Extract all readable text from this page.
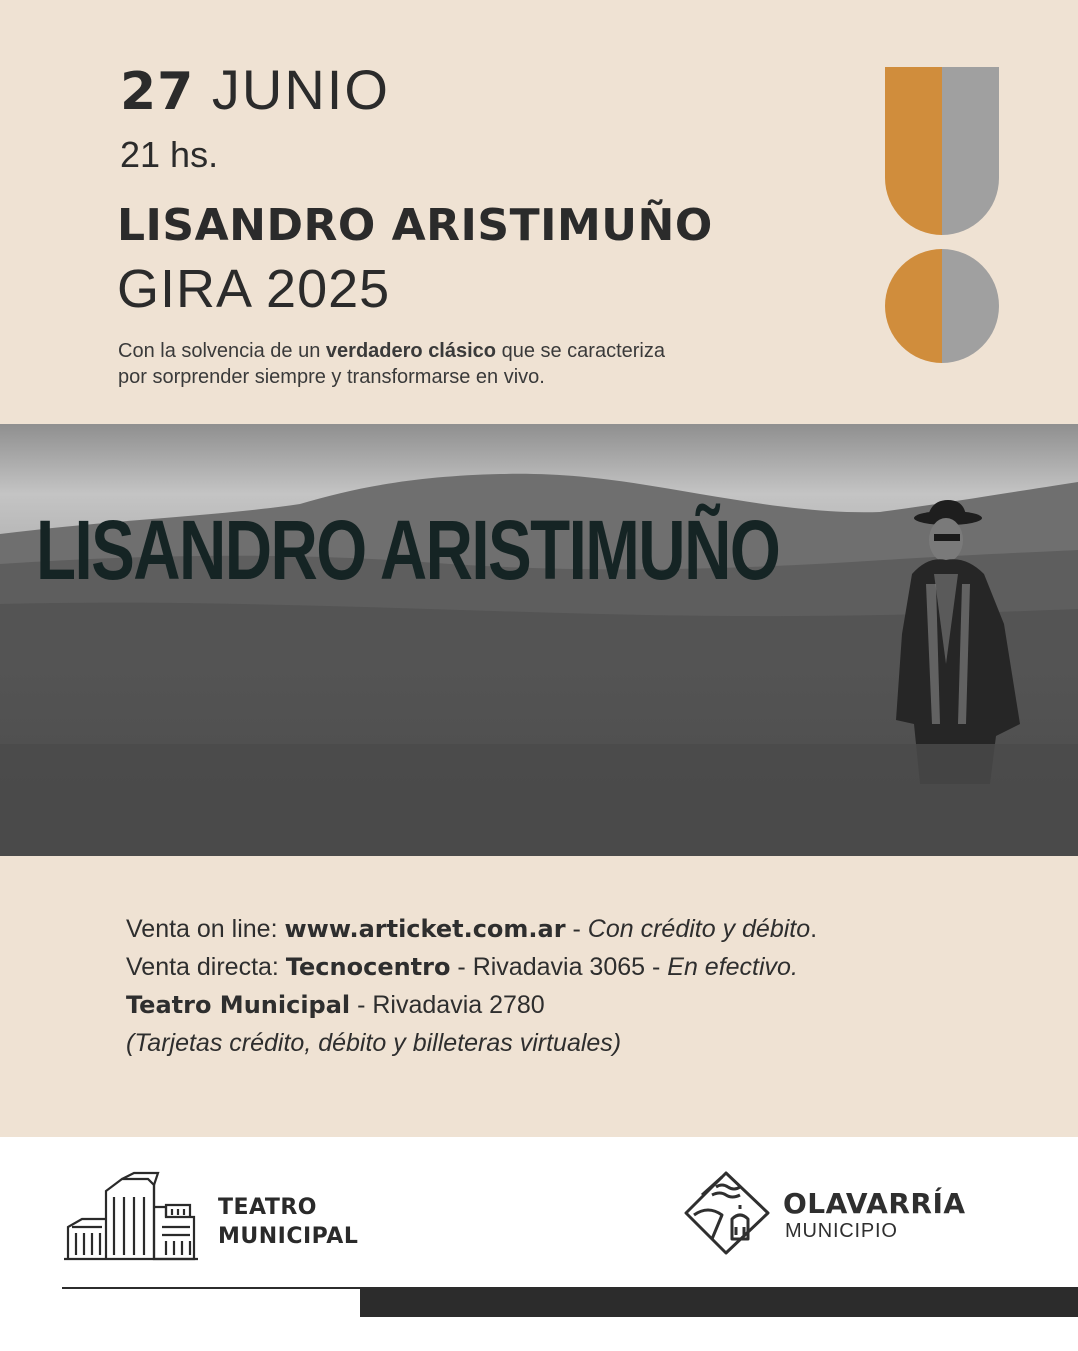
27 JUNIO
21 hs.
LISANDRO ARISTIMUÑO
GIRA 2025
Con la solvencia de un verdadero clásico que se caracteriza
por sorprender siempre y transformarse en vivo.
LISANDRO ARISTIMUÑO
Venta on line: www.articket.com.ar - Con crédito y débito.
Venta directa: Tecnocentro - Rivadavia 3065 - En efectivo.
Teatro Municipal - Rivadavia 2780
(Tarjetas crédito, débito y billeteras virtuales)
TEATRO
MUNICIPAL
OLAVARRÍA
MUNICIPIO
